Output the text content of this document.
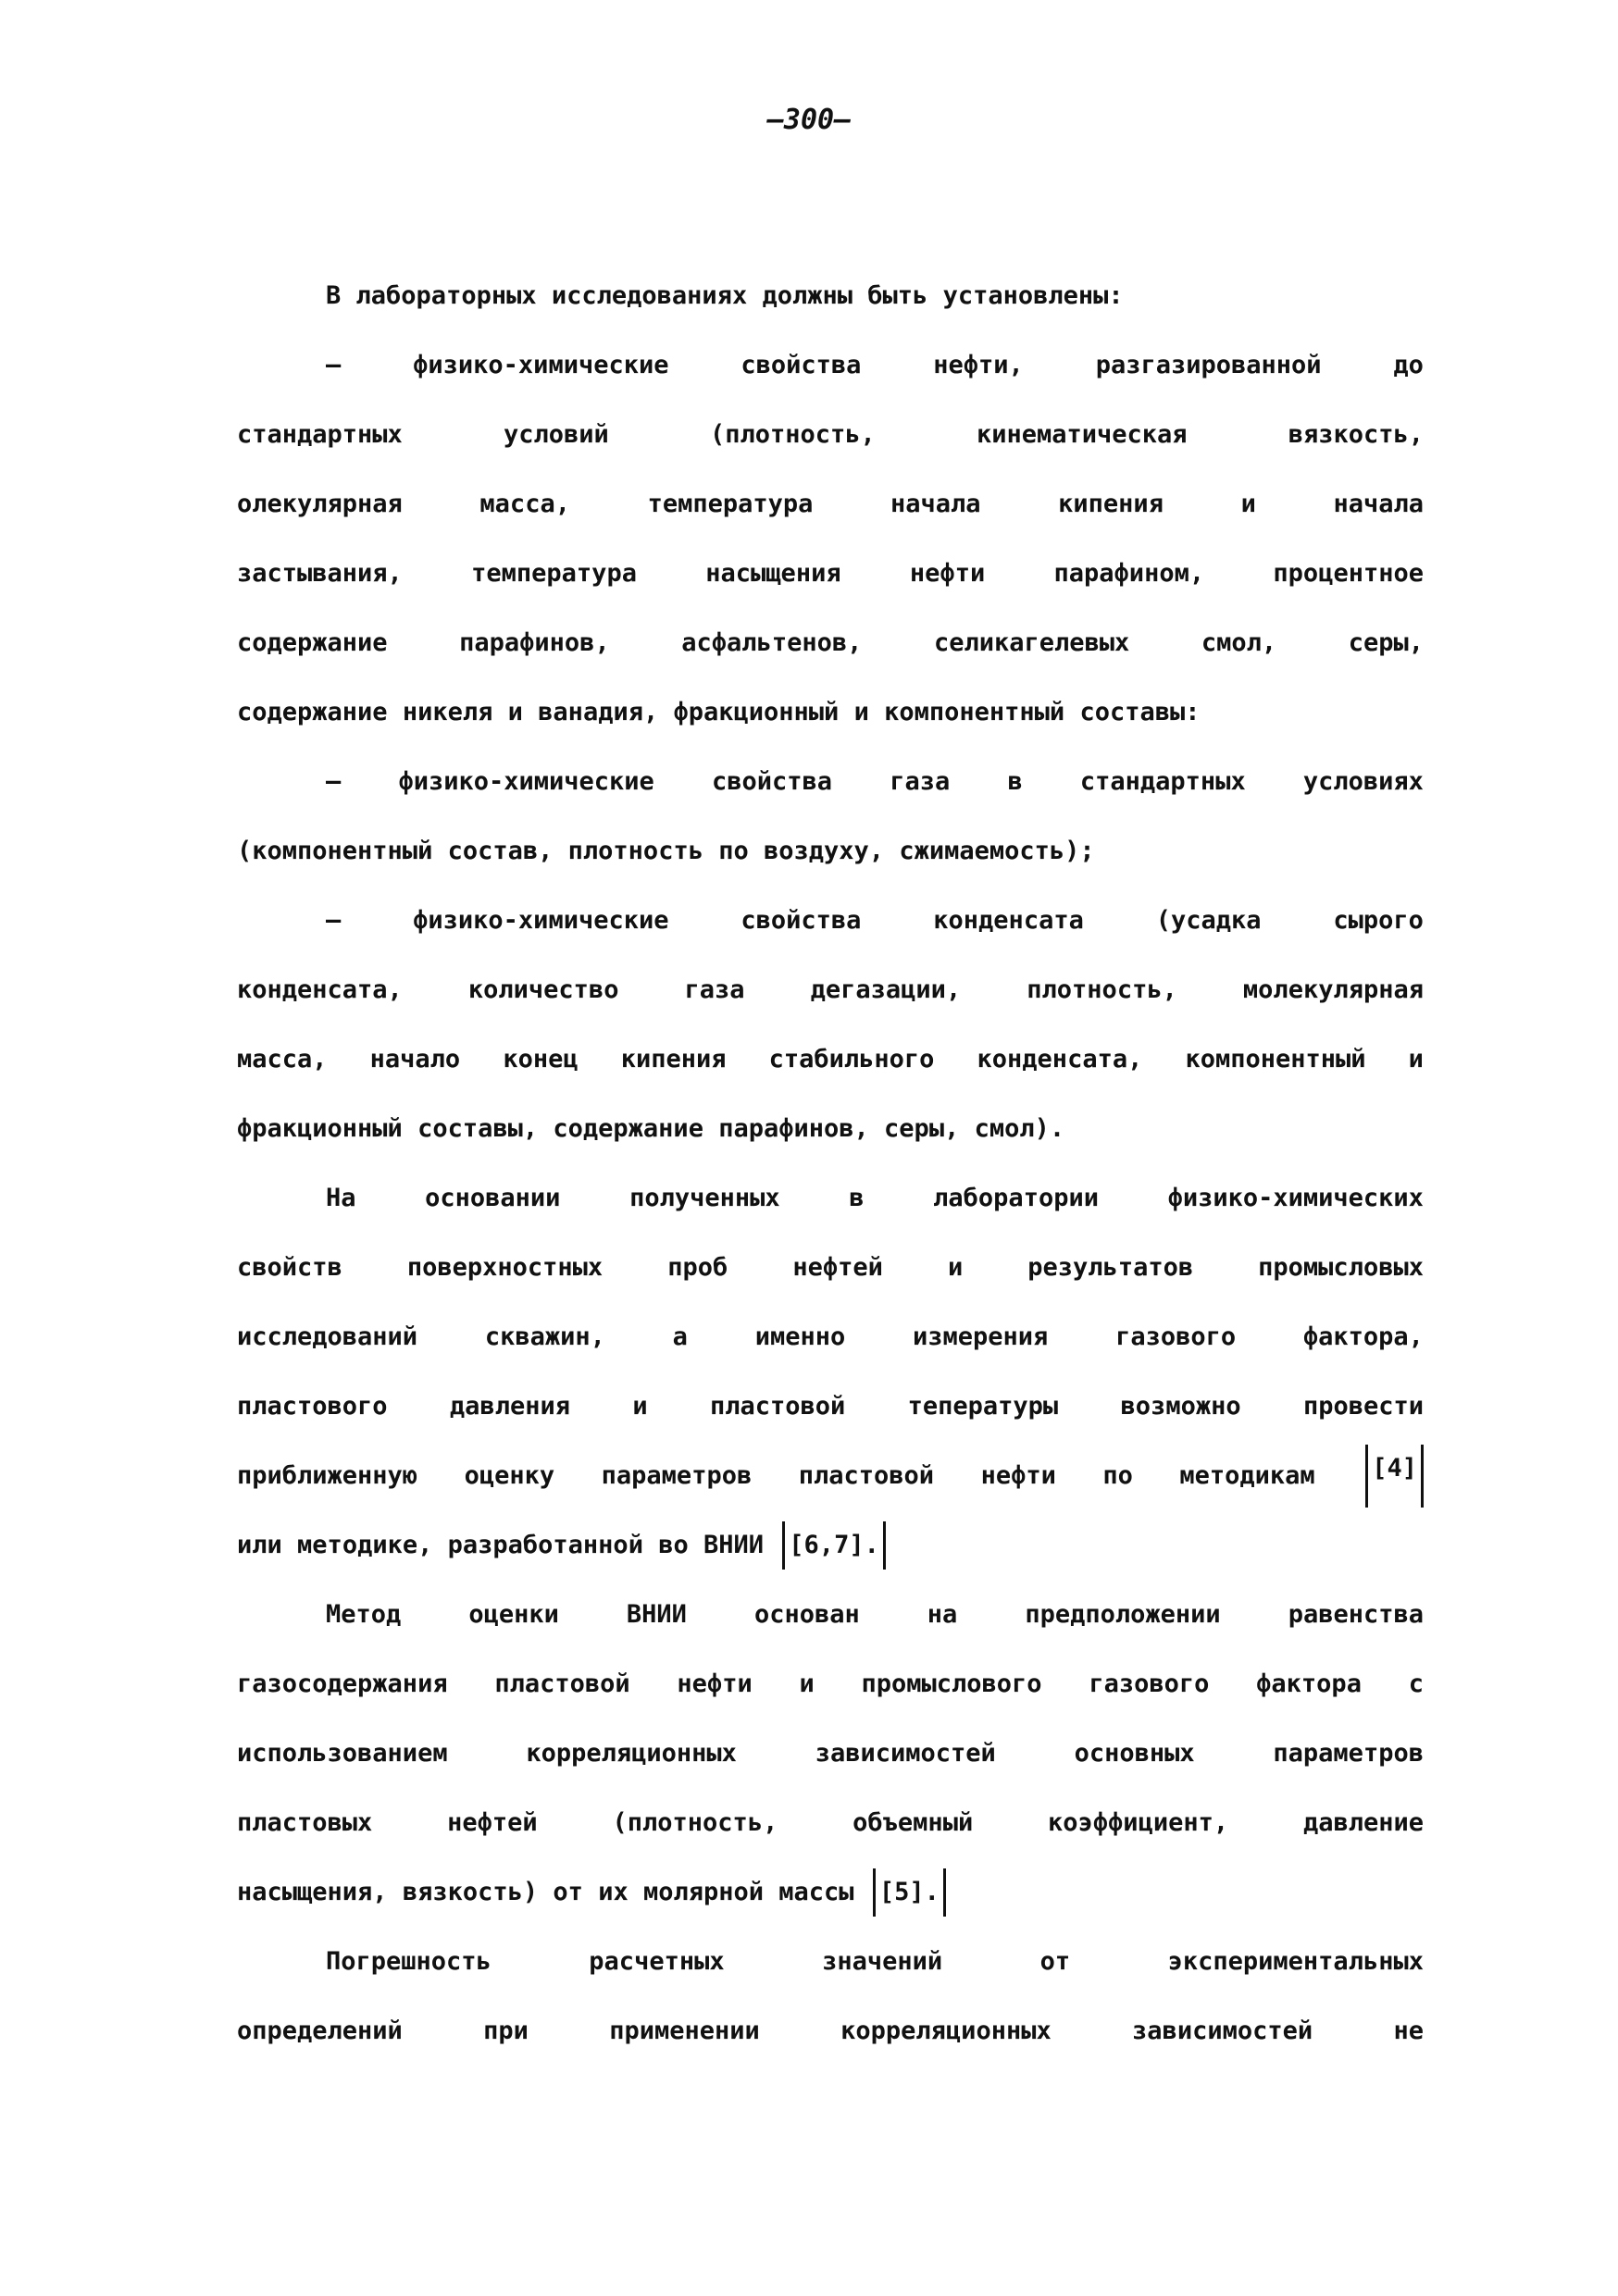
—300—
В лабораторных исследованиях должны быть установлены:
–	физико-химические	свойства	нефти,	разгазированной	до
стандартных	условий	(плотность,	кинематическая	вязкость,
олекулярная	масса,	температура	начала	кипения	и	начала
застывания,	температура	насыщения	нефти	парафином,	процентное
содержание	парафинов,	асфальтенов,	селикагелевых	смол,	серы,
содержание никеля и ванадия, фракционный и компонентный составы:
– физико-химические свойства газа в стандартных условиях
(компонентный состав, плотность по воздуху, сжимаемость);
–	физико-химические	свойства	конденсата	(усадка	сырого
конденсата,	количество	газа	дегазации,	плотность,	молекулярная
масса, начало конец кипения стабильного конденсата, компонентный и
фракционный составы, содержание парафинов, серы, смол).
На	основании	полученных	в	лаборатории	физико-химических
свойств	поверхностных	проб	нефтей	и	результатов	промысловых
исследований	скважин,	а	именно	измерения	газового	фактора,
пластового давления и пластовой тепературы возможно провести
приближенную оценку параметров пластовой нефти по методикам [4]
или методике, разработанной во ВНИИ [6,7].
Метод	оценки	ВНИИ	основан	на	предположении	равенства
газосодержания пластовой нефти и промыслового газового фактора с
использованием	корреляционных	зависимостей	основных	параметров
пластовых	нефтей	(плотность,	объемный	коэффициент,	давление
насыщения, вязкость) от их молярной массы [5].
Погрешность	расчетных	значений	от	экспериментальных
определений	при	применении	корреляционных	зависимостей	не
